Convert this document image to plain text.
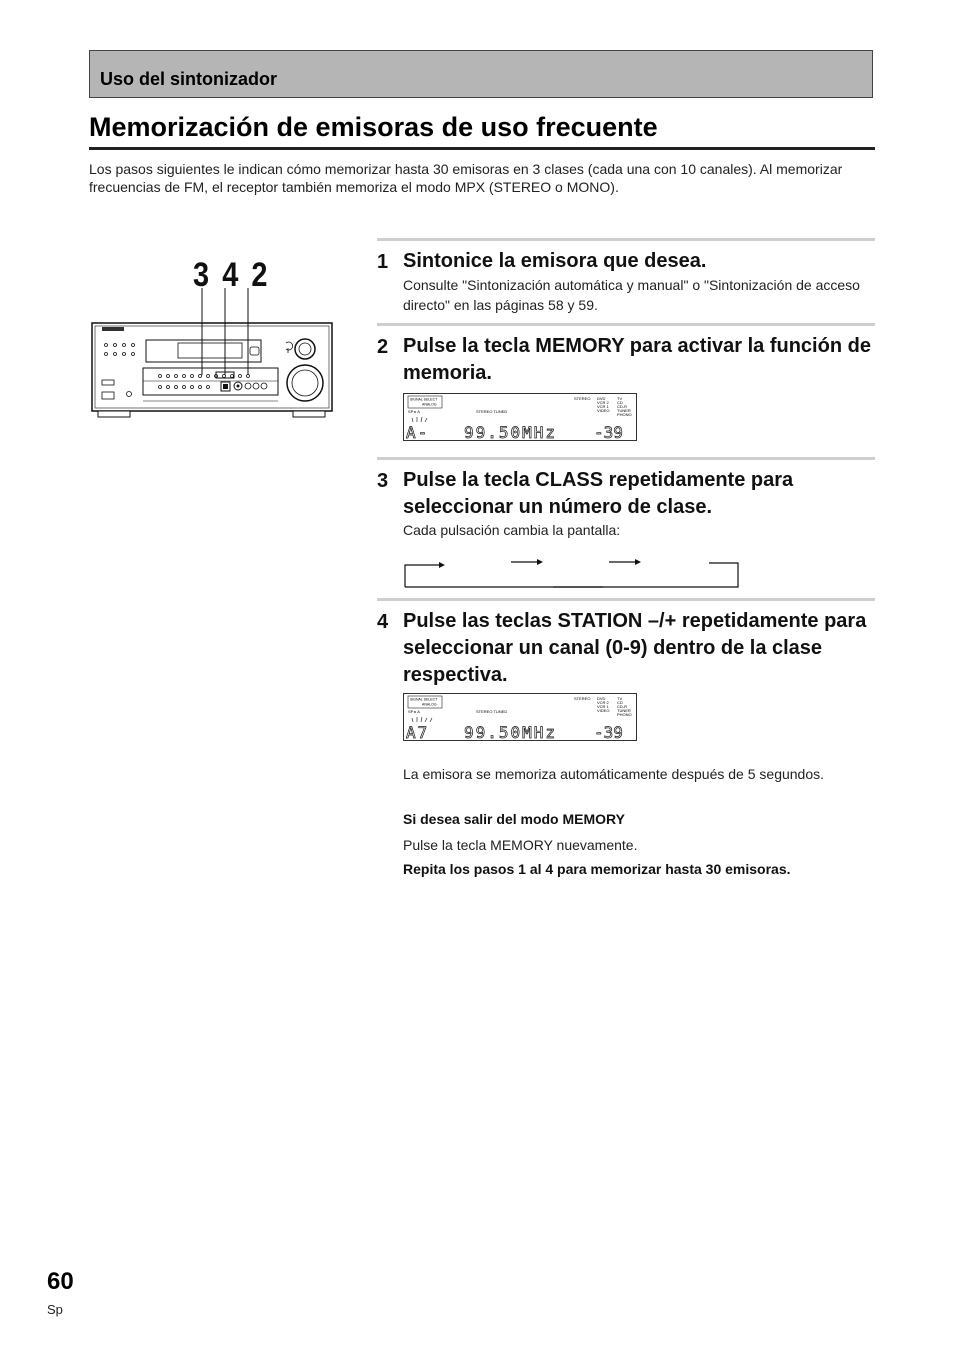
Uso del sintonizador
Memorización de emisoras de uso frecuente

Los pasos siguientes le indican cómo memorizar hasta 30 emisoras en 3 clases (cada una con 10 canales). Al memorizar frecuencias de FM, el receptor también memoriza el modo MPX (STEREO o MONO).

3 4 2	1 Sintonice la emisora que desea.

Consulte "Sintonización automática y manual" o "Sintonización de acceso directo" en las páginas 58 y 59.

2 Pulse la tecla MEMORY para activar la función de memoria.
SIGNAL SELECT
ANALOG
SP ▸ A	STEREO TUNED
STEREO DVD
VCR 2
VCR 1
VIDEO
TV
CD
CD-R
TUNER
PHONO
A- 99.50MHz -39
3 Pulse la tecla CLASS repetidamente para seleccionar un número de clase.

Cada pulsación cambia la pantalla:

4 Pulse las teclas STATION –/+ repetidamente para seleccionar un canal (0-9) dentro de la clase respectiva.
SIGNAL SELECT
ANALOG
SP ▸ A	STEREO TUNED
STEREO DVD
VCR 2
VCR 1
VIDEO
TV
CD
CD-R
TUNER
PHONO
A7 99.50MHz -39

La emisora se memoriza automáticamente después de 5 segundos.

Si desea salir del modo MEMORY

Pulse la tecla MEMORY nuevamente.

Repita los pasos 1 al 4 para memorizar hasta 30 emisoras.

60
Sp
